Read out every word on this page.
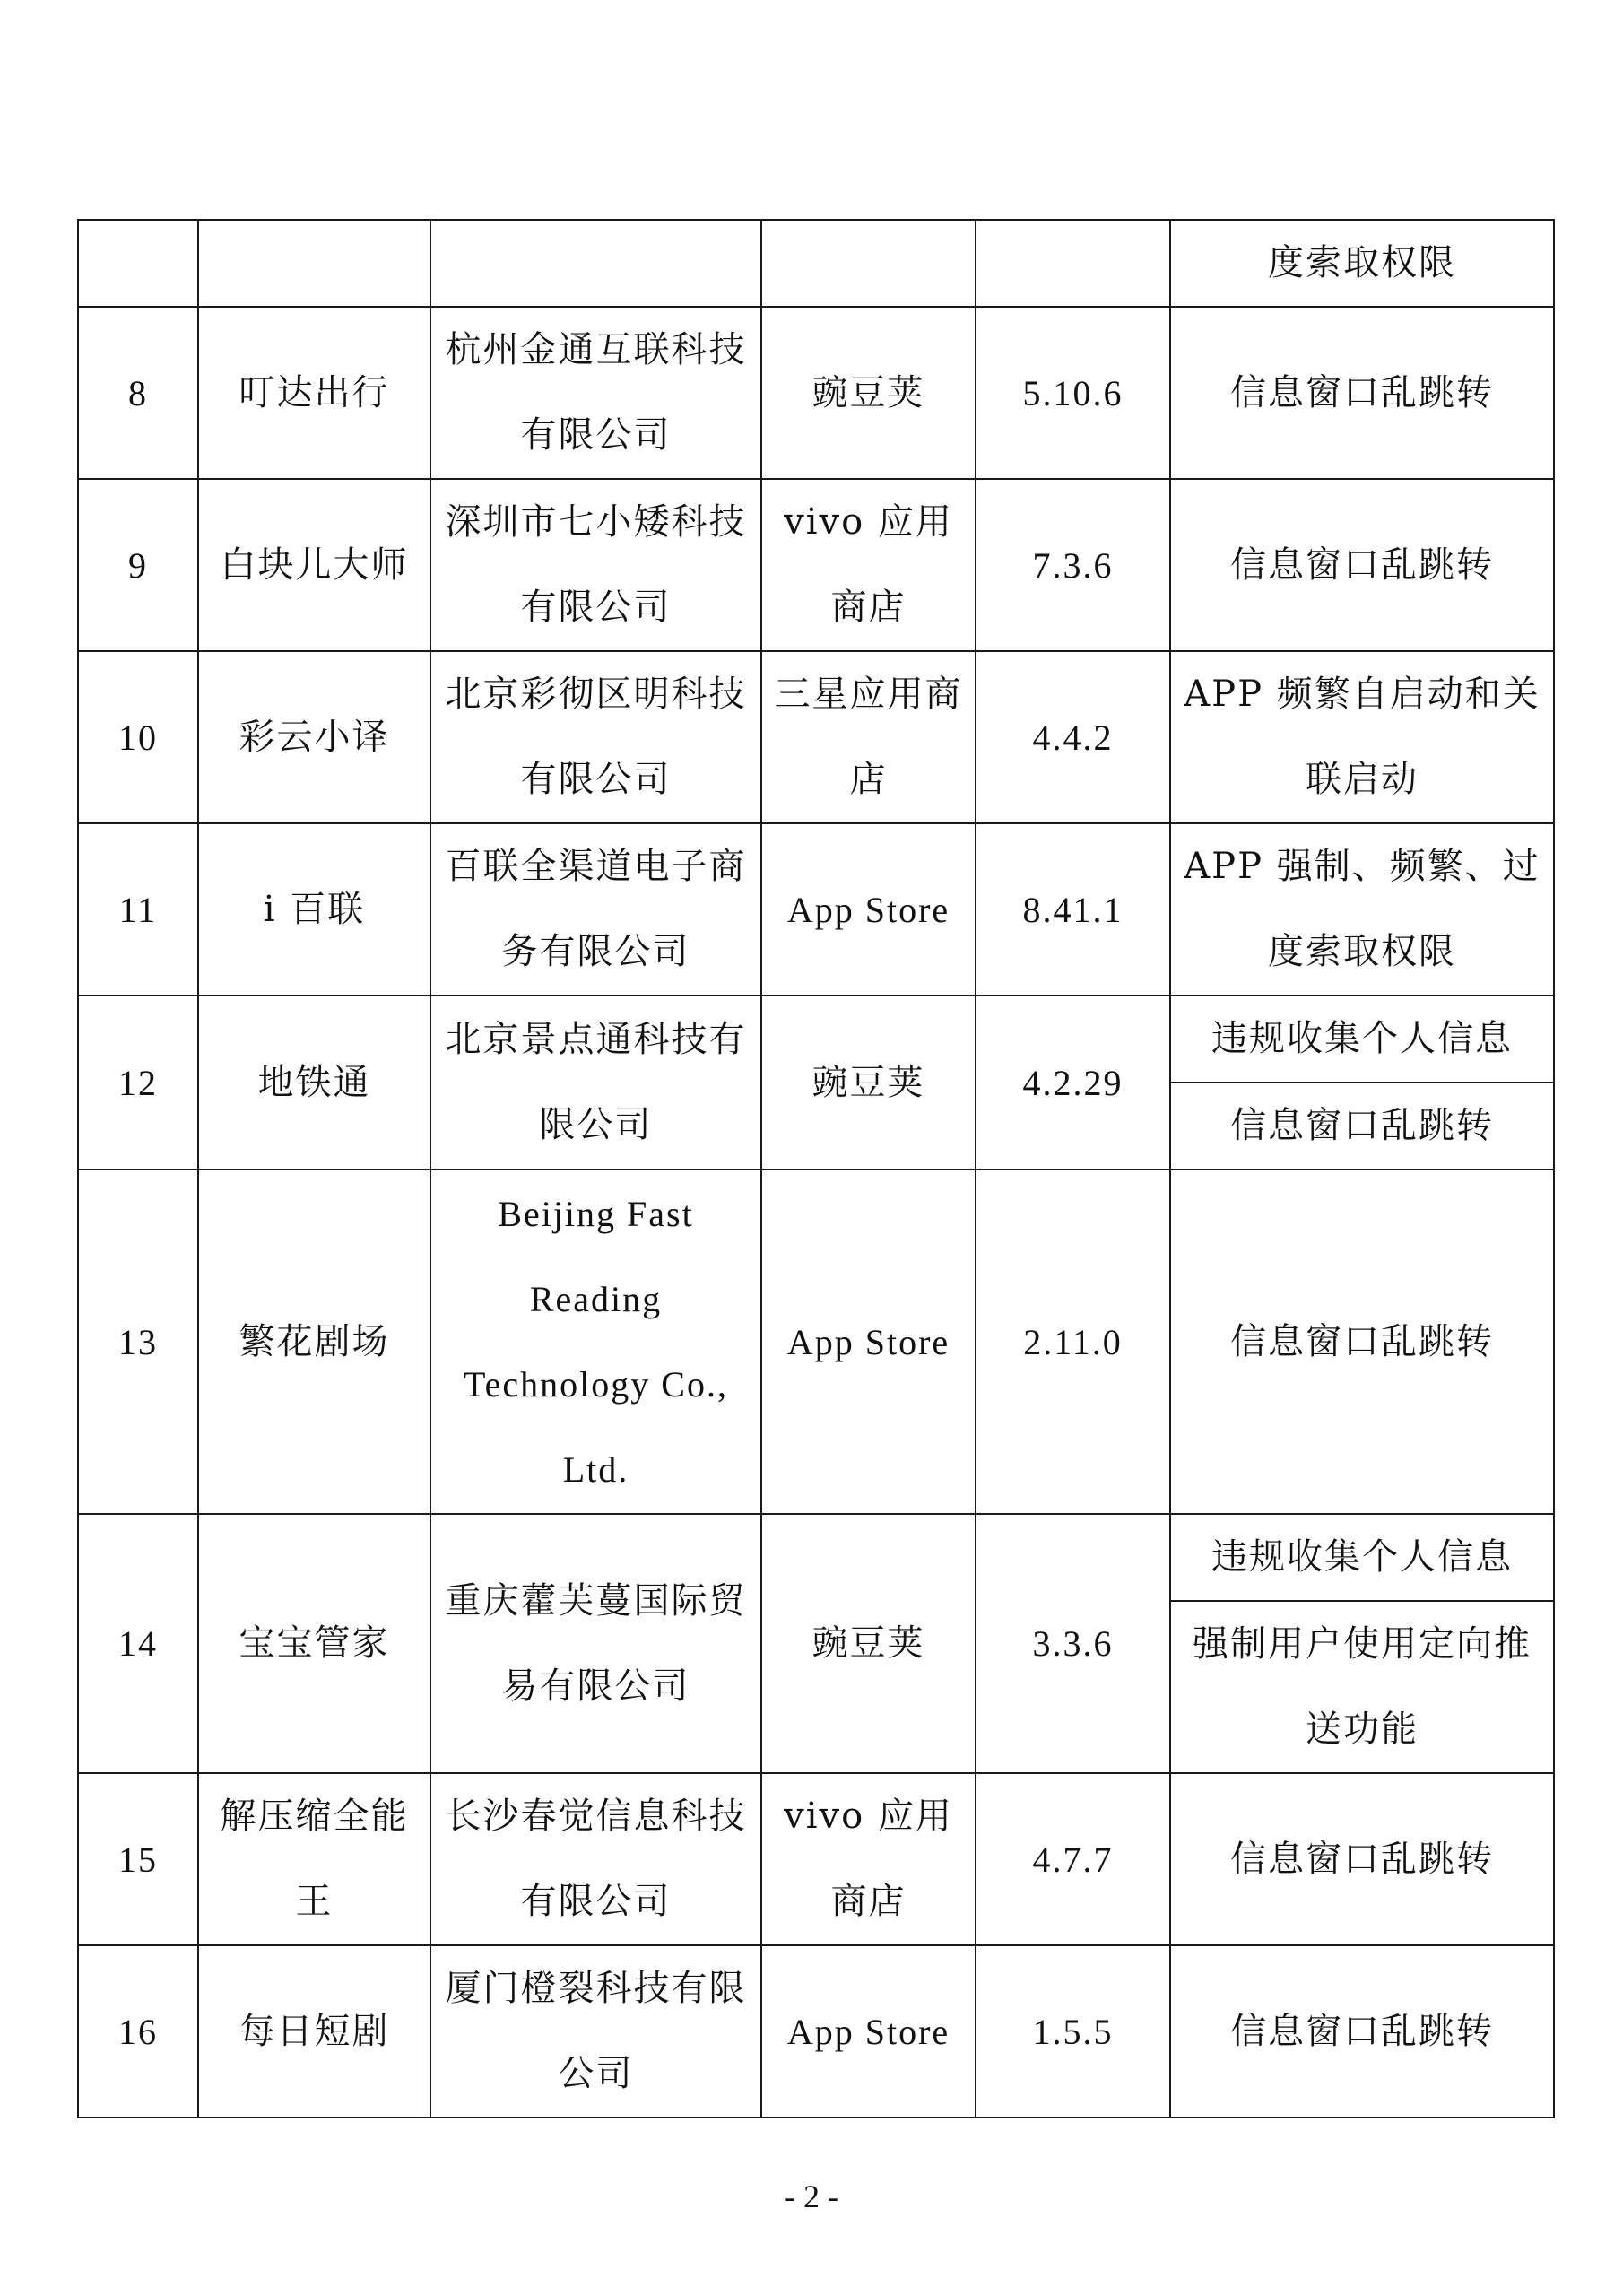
					度索取权限
8	叮达出行	杭州金通互联科技有限公司	豌豆荚	5.10.6	信息窗口乱跳转
9	白块儿大师	深圳市七小矮科技有限公司	vivo 应用商店	7.3.6	信息窗口乱跳转
10	彩云小译	北京彩彻区明科技有限公司	三星应用商店	4.4.2	APP 频繁自启动和关联启动
11	i 百联	百联全渠道电子商务有限公司	App Store	8.41.1	APP 强制、频繁、过度索取权限
12	地铁通	北京景点通科技有限公司	豌豆荚	4.2.29	违规收集个人信息
					信息窗口乱跳转
13	繁花剧场	Beijing Fast Reading Technology Co., Ltd.	App Store	2.11.0	信息窗口乱跳转
14	宝宝管家	重庆藿芙蔓国际贸易有限公司	豌豆荚	3.3.6	违规收集个人信息
					强制用户使用定向推送功能
15	解压缩全能王	长沙春觉信息科技有限公司	vivo 应用商店	4.7.7	信息窗口乱跳转
16	每日短剧	厦门橙裂科技有限公司	App Store	1.5.5	信息窗口乱跳转
- 2 -
